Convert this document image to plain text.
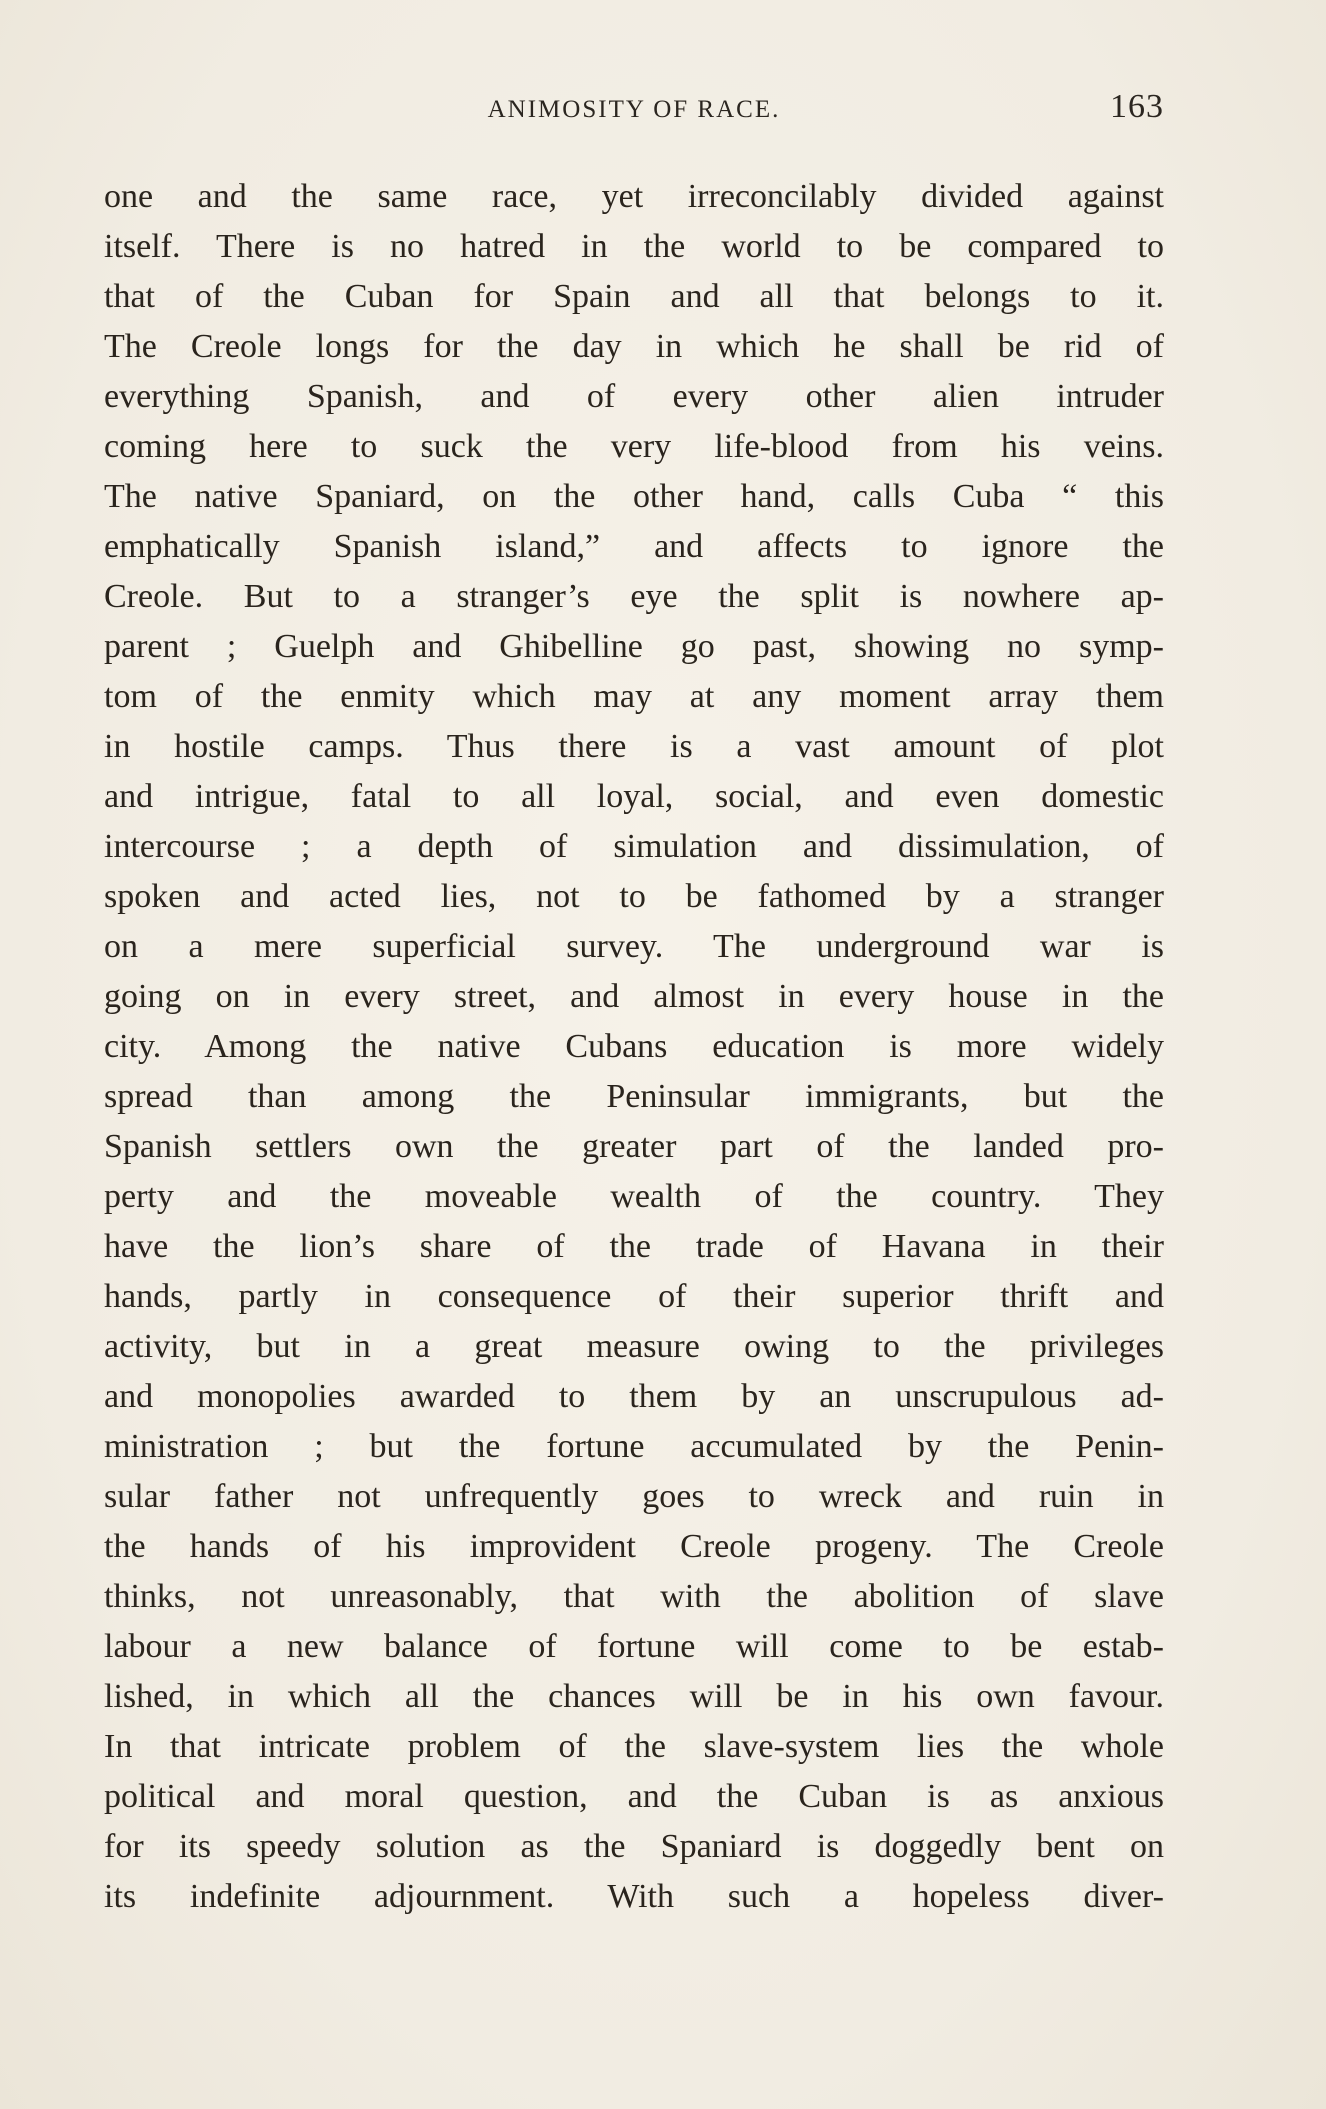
ANIMOSITY OF RACE.	163
one and the same race, yet irreconcilably divided against
itself. There is no hatred in the world to be compared to
that of the Cuban for Spain and all that belongs to it.
The Creole longs for the day in which he shall be rid of
everything Spanish, and of every other alien intruder
coming here to suck the very life-blood from his veins.
The native Spaniard, on the other hand, calls Cuba “ this
emphatically Spanish island,” and affects to ignore the
Creole. But to a stranger’s eye the split is nowhere ap-
parent ; Guelph and Ghibelline go past, showing no symp-
tom of the enmity which may at any moment array them
in hostile camps. Thus there is a vast amount of plot
and intrigue, fatal to all loyal, social, and even domestic
intercourse ; a depth of simulation and dissimulation, of
spoken and acted lies, not to be fathomed by a stranger
on a mere superficial survey. The underground war is
going on in every street, and almost in every house in the
city. Among the native Cubans education is more widely
spread than among the Peninsular immigrants, but the
Spanish settlers own the greater part of the landed pro-
perty and the moveable wealth of the country. They
have the lion’s share of the trade of Havana in their
hands, partly in consequence of their superior thrift and
activity, but in a great measure owing to the privileges
and monopolies awarded to them by an unscrupulous ad-
ministration ; but the fortune accumulated by the Penin-
sular father not unfrequently goes to wreck and ruin in
the hands of his improvident Creole progeny. The Creole
thinks, not unreasonably, that with the abolition of slave
labour a new balance of fortune will come to be estab-
lished, in which all the chances will be in his own favour.
In that intricate problem of the slave-system lies the whole
political and moral question, and the Cuban is as anxious
for its speedy solution as the Spaniard is doggedly bent on
its indefinite adjournment. With such a hopeless diver-
